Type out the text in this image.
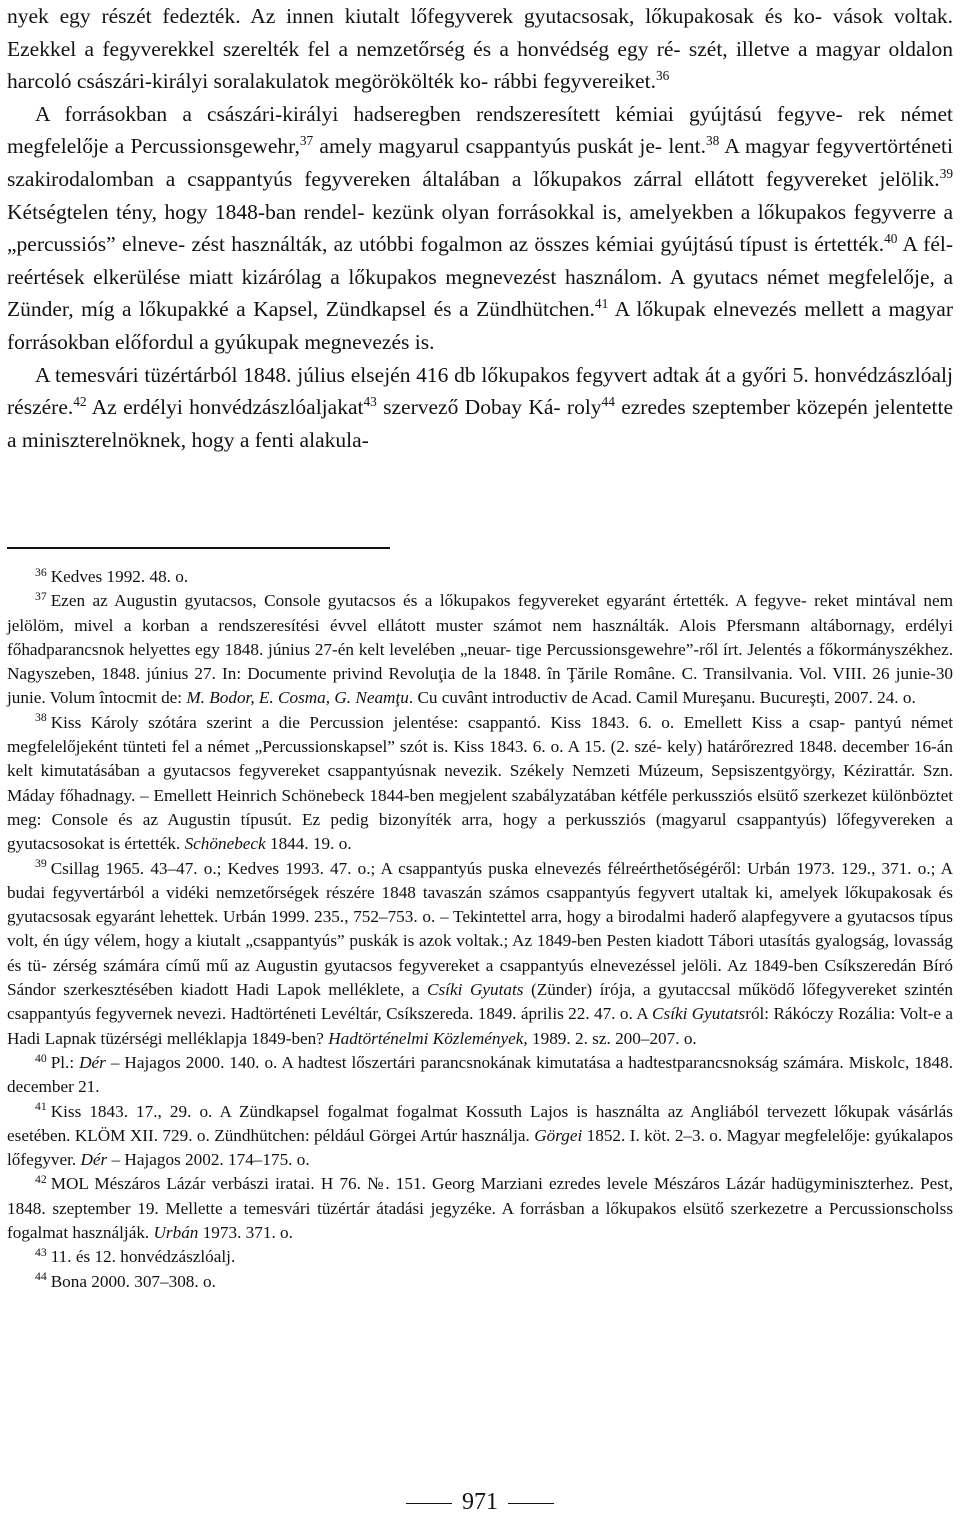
nyek egy részét fedezték. Az innen kiutalt lőfegyverek gyutacsosak, lőkupakosak és ko- vások voltak. Ezekkel a fegyverekkel szerelték fel a nemzetőrség és a honvédség egy ré- szét, illetve a magyar oldalon harcoló császári-királyi soralakulatok megörökölték ko- rábbi fegyvereiket.$^{36}$

A forrásokban a császári-királyi hadseregben rendszeresített kémiai gyújtású fegyve- rek német megfelelője a Percussionsgewehr,$^{37}$ amely magyarul csappantyús puskát je- lent.$^{38}$ A magyar fegyvertörténeti szakirodalomban a csappantyús fegyvereken általában a lőkupakos zárral ellátott fegyvereket jelölik.$^{39}$ Kétségtelen tény, hogy 1848-ban rendel- kezünk olyan forrásokkal is, amelyekben a lőkupakos fegyverre a „percussiós” elneve- zést használták, az utóbbi fogalmon az összes kémiai gyújtású típust is értették.$^{40}$ A fél- reértések elkerülése miatt kizárólag a lőkupakos megnevezést használom. A gyutacs német megfelelője, a Zünder, míg a lőkupakké a Kapsel, Zündkapsel és a Zündhütchen.$^{41}$ A lőkupak elnevezés mellett a magyar forrásokban előfordul a gyúkupak megnevezés is.

A temesvári tüzértárból 1848. július elsején 416 db lőkupakos fegyvert adtak át a győri 5. honvédzászlóalj részére.$^{42}$ Az erdélyi honvédzászlóaljakat$^{43}$ szervező Dobay Ká- roly$^{44}$ ezredes szeptember közepén jelentette a miniszterelnöknek, hogy a fenti alakula-

$^{36}$ Kedves 1992. 48. o.

$^{37}$ Ezen az Augustin gyutacsos, Console gyutacsos és a lőkupakos fegyvereket egyaránt értették. A fegyve- reket mintával nem jelölöm, mivel a korban a rendszeresítési évvel ellátott muster számot nem használták. Alois Pfersmann altábornagy, erdélyi főhadparancsnok helyettes egy 1848. június 27-én kelt levelében „neuar- tige Percussionsgewehre”-ről írt. Jelentés a főkormányszékhez. Nagyszeben, 1848. június 27. In: Documente privind Revoluţia de la 1848. în Ţările Române. C. Transilvania. Vol. VIII. 26 junie-30 junie. Volum întocmit de: M. Bodor, E. Cosma, G. Neamţu. Cu cuvânt introductiv de Acad. Camil Mureşanu. Bucureşti, 2007. 24. o.

$^{38}$ Kiss Károly szótára szerint a die Percussion jelentése: csappantó. Kiss 1843. 6. o. Emellett Kiss a csap- pantyú német megfelelőjeként tünteti fel a német „Percussionskapsel” szót is. Kiss 1843. 6. o. A 15. (2. szé- kely) határőrezred 1848. december 16-án kelt kimutatásában a gyutacsos fegyvereket csappantyúsnak nevezik. Székely Nemzeti Múzeum, Sepsiszentgyörgy, Kézirattár. Szn. Máday főhadnagy. – Emellett Heinrich Schönebeck 1844-ben megjelent szabályzatában kétféle perkussziós elsütő szerkezet különböztet meg: Console és az Augustin típusút. Ez pedig bizonyíték arra, hogy a perkussziós (magyarul csappantyús) lőfegyvereken a gyutacsosokat is értették. Schönebeck 1844. 19. o.

$^{39}$ Csillag 1965. 43–47. o.; Kedves 1993. 47. o.; A csappantyús puska elnevezés félreérthetőségéről: Urbán 1973. 129., 371. o.; A budai fegyvertárból a vidéki nemzetőrségek részére 1848 tavaszán számos csappantyús fegyvert utaltak ki, amelyek lőkupakosak és gyutacsosak egyaránt lehettek. Urbán 1999. 235., 752–753. o. – Tekintettel arra, hogy a birodalmi haderő alapfegyvere a gyutacsos típus volt, én úgy vélem, hogy a kiutalt „csappantyús” puskák is azok voltak.; Az 1849-ben Pesten kiadott Tábori utasítás gyalogság, lovasság és tü- zérség számára című mű az Augustin gyutacsos fegyvereket a csappantyús elnevezéssel jelöli. Az 1849-ben Csíkszeredán Bíró Sándor szerkesztésében kiadott Hadi Lapok melléklete, a Csíki Gyutats (Zünder) írója, a gyutaccsal működő lőfegyvereket szintén csappantyús fegyvernek nevezi. Hadtörténeti Levéltár, Csíkszereda. 1849. április 22. 47. o. A Csíki Gyutatsról: Rákóczy Rozália: Volt-e a Hadi Lapnak tüzérségi melléklapja 1849-ben? Hadtörténelmi Közlemények, 1989. 2. sz. 200–207. o.

$^{40}$ Pl.: Dér – Hajagos 2000. 140. o. A hadtest lőszertári parancsnokának kimutatása a hadtestparancsnokság számára. Miskolc, 1848. december 21.

$^{41}$ Kiss 1843. 17., 29. o. A Zündkapsel fogalmat fogalmat Kossuth Lajos is használta az Angliából tervezett lőkupak vásárlás esetében. KLÖM XII. 729. o. Zündhütchen: például Görgei Artúr használja. Görgei 1852. I. köt. 2–3. o. Magyar megfelelője: gyúkalapos lőfegyver. Dér – Hajagos 2002. 174–175. o.

$^{42}$ MOL Mészáros Lázár verbászi iratai. H 76. №. 151. Georg Marziani ezredes levele Mészáros Lázár hadügyminiszterhez. Pest, 1848. szeptember 19. Mellette a temesvári tüzértár átadási jegyzéke. A forrásban a lőkupakos elsütő szerkezetre a Percussionscholss fogalmat használják. Urbán 1973. 371. o.

$^{43}$ 11. és 12. honvédzászlóalj.

$^{44}$ Bona 2000. 307–308. o.

971
